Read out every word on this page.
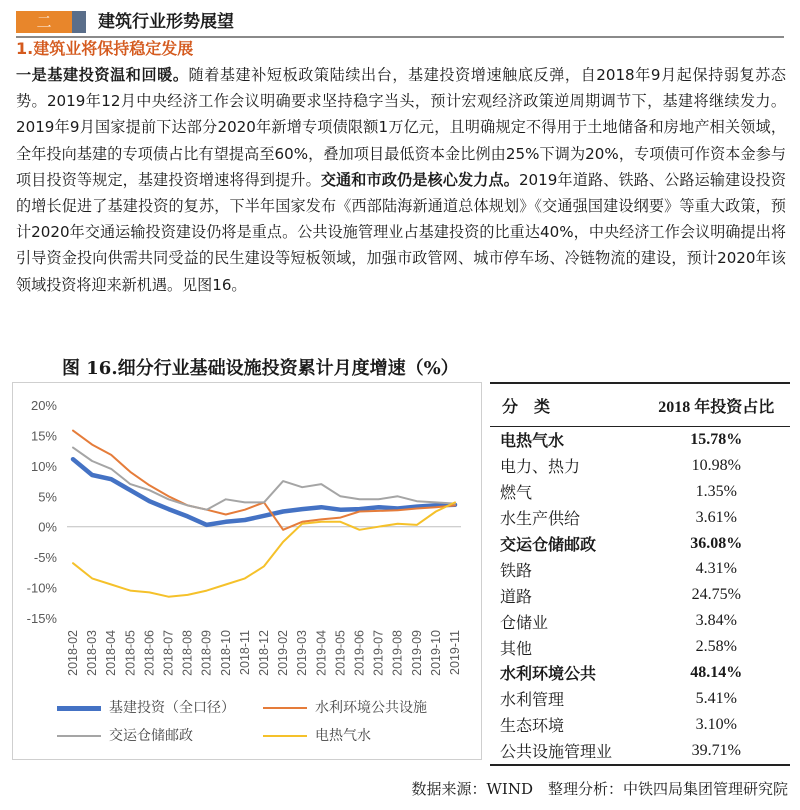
二	建筑行业形势展望
1.建筑业将保持稳定发展
一是基建投资温和回暖。随着基建补短板政策陆续出台，基建投资增速触底反弹，自2018年9月起保持弱复苏态势。2019年12月中央经济工作会议明确要求坚持稳字当头，预计宏观经济政策逆周期调节下，基建将继续发力。2019年9月国家提前下达部分2020年新增专项债限额1万亿元，且明确规定不得用于土地储备和房地产相关领域，全年投向基建的专项债占比有望提高至60%，叠加项目最低资本金比例由25%下调为20%，专项债可作资本金参与项目投资等规定，基建投资增速将得到提升。交通和市政仍是核心发力点。2019年道路、铁路、公路运输建设投资的增长促进了基建投资的复苏，下半年国家发布《西部陆海新通道总体规划》《交通强国建设纲要》等重大政策，预计2020年交通运输投资建设仍将是重点。公共设施管理业占基建投资的比重达40%，中央经济工作会议明确提出将引导资金投向供需共同受益的民生建设等短板领域，加强市政管网、城市停车场、冷链物流的建设，预计2020年该领域投资将迎来新机遇。见图16。
图 16.细分行业基础设施投资累计月度增速（%）
20%
15%
10%
5%
0%
-5%
-10%
-15%
2018-02 2018-03 2018-04 2018-05 2018-06 2018-07 2018-08 2018-09 2018-10 2018-11 2018-12 2019-02 2019-03 2019-04 2019-05 2019-06 2019-07 2019-08 2019-09 2019-10 2019-11
基建投资（全口径）	水利环境公共设施
交运仓储邮政	电热气水
分　类	2018 年投资占比
电热气水	15.78%
电力、热力	10.98%
燃气	1.35%
水生产供给	3.61%
交运仓储邮政	36.08%
铁路	4.31%
道路	24.75%
仓储业	3.84%
其他	2.58%
水利环境公共	48.14%
水利管理	5.41%
生态环境	3.10%
公共设施管理业	39.71%
数据来源：WIND　整理分析：中铁四局集团管理研究院
